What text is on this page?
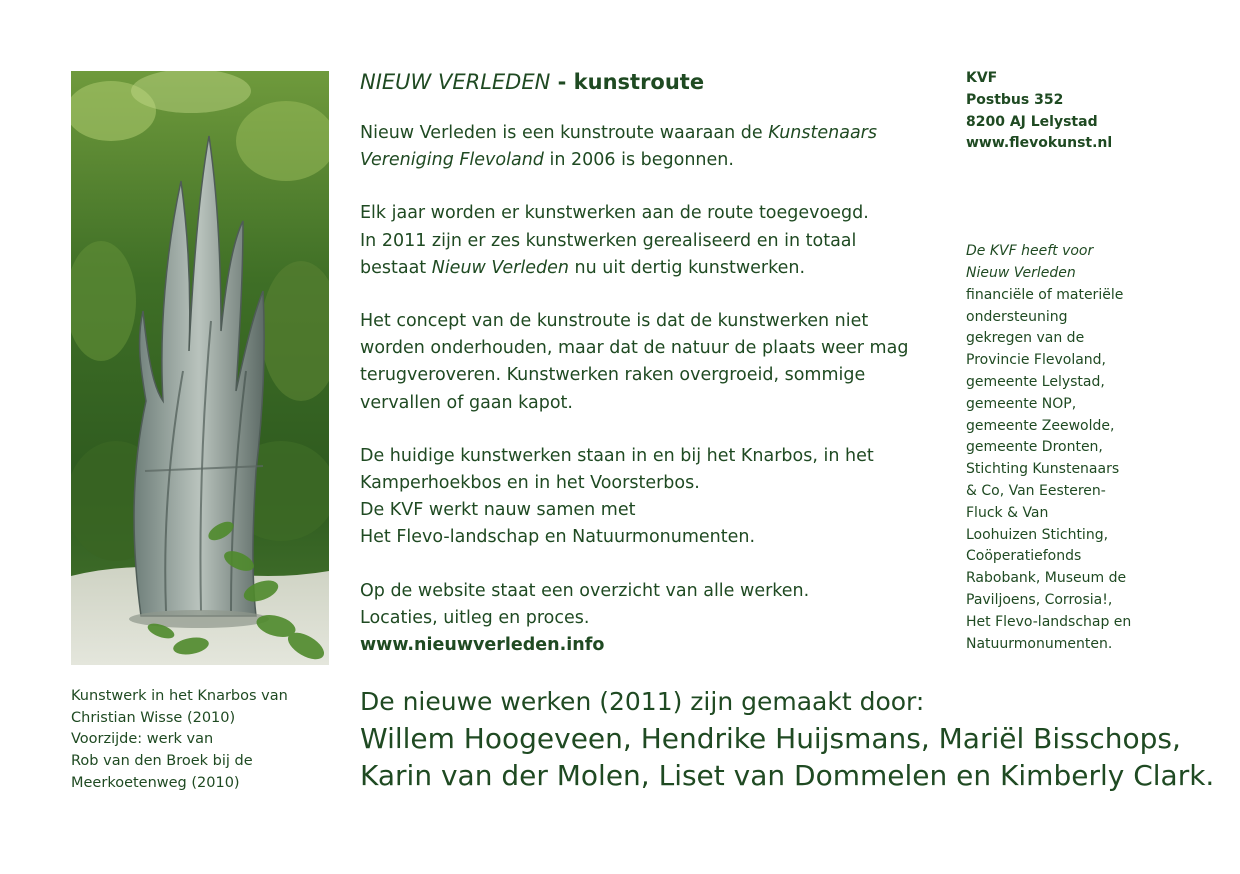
Kunstwerk in het Knarbos van
Christian Wisse (2010)
Voorzijde: werk van
Rob van den Broek bij de
Meerkoetenweg (2010)
NIEUW VERLEDEN - kunstroute
Nieuw Verleden is een kunstroute waaraan de Kunstenaars
Vereniging Flevoland in 2006 is begonnen.
Elk jaar worden er kunstwerken aan de route toegevoegd.
In 2011 zijn er zes kunstwerken gerealiseerd en in totaal
bestaat Nieuw Verleden nu uit dertig kunstwerken.
Het concept van de kunstroute is dat de kunstwerken niet
worden onderhouden, maar dat de natuur de plaats weer mag
terugveroveren. Kunstwerken raken overgroeid, sommige
vervallen of gaan kapot.
De huidige kunstwerken staan in en bij het Knarbos, in het
Kamperhoekbos en in het Voorsterbos.
De KVF werkt nauw samen met
Het Flevo-landschap en Natuurmonumenten.
Op de website staat een overzicht van alle werken.
Locaties, uitleg en proces.
www.nieuwverleden.info
KVF
Postbus 352
8200 AJ Lelystad
www.flevokunst.nl
De KVF heeft voor
Nieuw Verleden
financiële of materiële
ondersteuning
gekregen van de
Provincie Flevoland,
gemeente Lelystad,
gemeente NOP,
gemeente Zeewolde,
gemeente Dronten,
Stichting Kunstenaars
& Co, Van Eesteren-
Fluck & Van
Loohuizen Stichting,
Coöperatiefonds
Rabobank, Museum de
Paviljoens, Corrosia!,
Het Flevo-landschap en
Natuurmonumenten.
De nieuwe werken (2011) zijn gemaakt door:
Willem Hoogeveen, Hendrike Huijsmans, Mariël Bisschops,
Karin van der Molen, Liset van Dommelen en Kimberly Clark.
